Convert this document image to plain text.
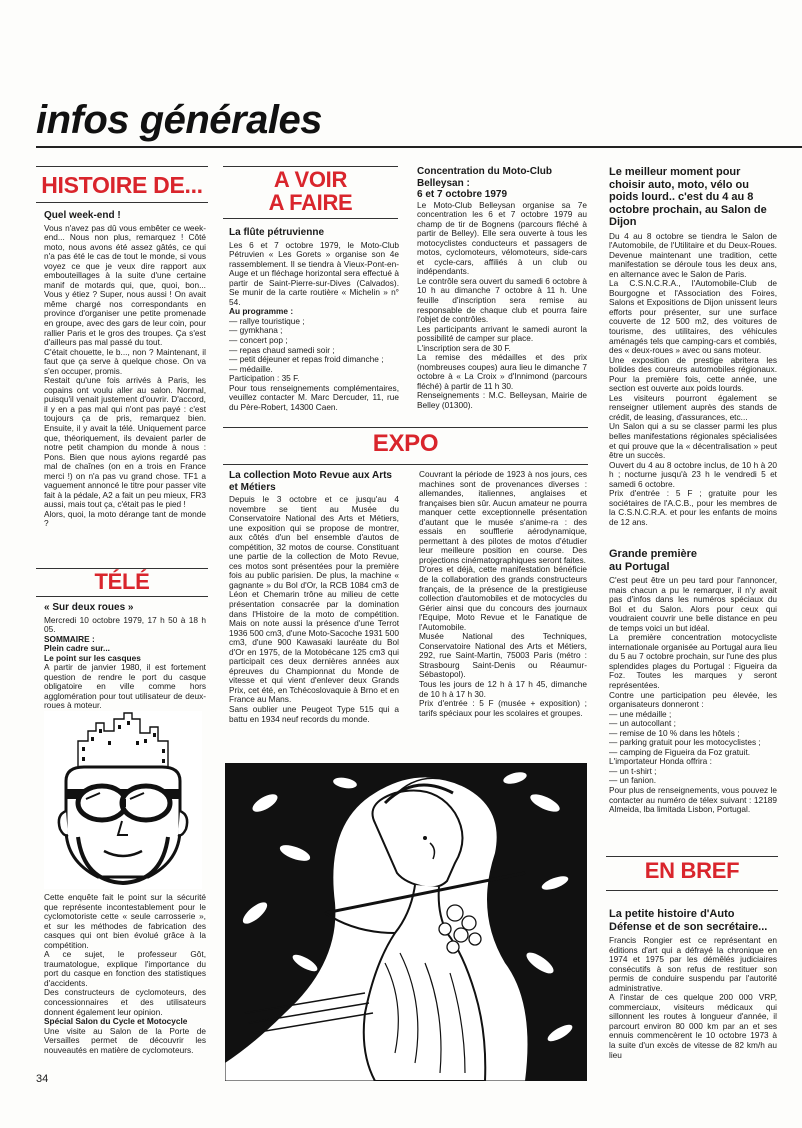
infos générales
HISTOIRE DE...

Quel week-end !

Vous n'avez pas dû vous embêter ce week-end... Nous non plus, remarquez ! Côté moto, nous avons été assez gâtés, ce qui n'a pas été le cas de tout le monde, si vous voyez ce que je veux dire rapport aux embouteillages à la suite d'une certaine manif de motards qui, que, quoi, bon... Vous y étiez ? Super, nous aussi ! On avait même chargé nos correspondants en province d'organiser une petite promenade en groupe, avec des gars de leur coin, pour rallier Paris et le gros des troupes. Ça s'est d'ailleurs pas mal passé du tout.

C'était chouette, le b..., non ? Maintenant, il faut que ça serve à quelque chose. On va s'en occuper, promis.

Restait qu'une fois arrivés à Paris, les copains ont voulu aller au salon. Normal, puisqu'il venait justement d'ouvrir. D'accord, il y en a pas mal qui n'ont pas payé : c'est toujours ça de pris, remarquez bien. Ensuite, il y avait la télé. Uniquement parce que, théoriquement, ils devaient parler de notre petit champion du monde à nous : Pons. Bien que nous ayions regardé pas mal de chaînes (on en a trois en France merci !) on n'a pas vu grand chose. TF1 a vaguement annoncé le titre pour passer vite fait à la pédale, A2 a fait un peu mieux, FR3 aussi, mais tout ça, c'était pas le pied !

Alors, quoi, la moto dérange tant de monde ?

TÉLÉ

« Sur deux roues »

Mercredi 10 octobre 1979, 17 h 50 à 18 h 05.

SOMMAIRE :

Plein cadre sur...

Le point sur les casques

A partir de janvier 1980, il est fortement question de rendre le port du casque obligatoire en ville comme hors agglomération pour tout utilisateur de deux-roues à moteur.

Cette enquête fait le point sur la sécurité que représente incontestablement pour le cyclomotoriste cette « seule carrosserie », et sur les méthodes de fabrication des casques qui ont bien évolué grâce à la compétition.

A ce sujet, le professeur Gôt, traumatologue, explique l'importance du port du casque en fonction des statistiques d'accidents.

Des constructeurs de cyclomoteurs, des concessionnaires et des utilisateurs donnent également leur opinion.

Spécial Salon du Cycle et Motocycle

Une visite au Salon de la Porte de Versailles permet de découvrir les nouveautés en matière de cyclomoteurs.

34
A VOIR
A FAIRE

La flûte pétruvienne

Les 6 et 7 octobre 1979, le Moto-Club Pétruvien « Les Gorets » organise son 4e rassemblement. Il se tiendra à Vieux-Pont-en-Auge et un fléchage horizontal sera effectué à partir de Saint-Pierre-sur-Dives (Calvados). Se munir de la carte routière « Michelin » n° 54.

Au programme :

— rallye touristique ;

— gymkhana ;

— concert pop ;

— repas chaud samedi soir ;

— petit déjeuner et repas froid dimanche ;

— médaille.

Participation : 35 F.

Pour tous renseignements complémentaires, veuillez contacter M. Marc Dercuder, 11, rue du Père-Robert, 14300 Caen.

Concentration du Moto-Club Belleysan :
6 et 7 octobre 1979

Le Moto-Club Belleysan organise sa 7e concentration les 6 et 7 octobre 1979 au champ de tir de Bognens (parcours fléché à partir de Belley). Elle sera ouverte à tous les motocyclistes conducteurs et passagers de motos, cyclomoteurs, vélomoteurs, side-cars et cycle-cars, affiliés à un club ou indépendants.

Le contrôle sera ouvert du samedi 6 octobre à 10 h au dimanche 7 octobre à 11 h. Une feuille d'inscription sera remise au responsable de chaque club et pourra faire l'objet de contrôles.

Les participants arrivant le samedi auront la possibilité de camper sur place.

L'inscription sera de 30 F.

La remise des médailles et des prix (nombreuses coupes) aura lieu le dimanche 7 octobre à « La Croix » d'Innimond (parcours fléché) à partir de 11 h 30.

Renseignements : M.C. Belleysan, Mairie de Belley (01300).

EXPO

La collection Moto Revue aux Arts et Métiers

Depuis le 3 octobre et ce jusqu'au 4 novembre se tient au Musée du Conservatoire National des Arts et Métiers, une exposition qui se propose de montrer, aux côtés d'un bel ensemble d'autos de compétition, 32 motos de course. Constituant une partie de la collection de Moto Revue, ces motos sont présentées pour la première fois au public parisien. De plus, la machine « gagnante » du Bol d'Or, la RCB 1084 cm3 de Léon et Chemarin trône au milieu de cette présentation consacrée par la domination dans l'Histoire de la moto de compétition. Mais on note aussi la présence d'une Terrot 1936 500 cm3, d'une Moto-Sacoche 1931 500 cm3, d'une 900 Kawasaki lauréate du Bol d'Or en 1975, de la Motobécane 125 cm3 qui participait ces deux dernières années aux épreuves du Championnat du Monde de vitesse et qui vient d'enlever deux Grands Prix, cet été, en Tchécoslovaquie à Brno et en France au Mans.

Sans oublier une Peugeot Type 515 qui a battu en 1934 neuf records du monde.

Couvrant la période de 1923 à nos jours, ces machines sont de provenances diverses : allemandes, italiennes, anglaises et françaises bien sûr. Aucun amateur ne pourra manquer cette exceptionnelle présentation d'autant que le musée s'anime-ra : des essais en soufflerie aérodynamique, permettant à des pilotes de motos d'étudier leur meilleure position en course. Des projections cinématographiques seront faites.

D'ores et déjà, cette manifestation bénéficie de la collaboration des grands constructeurs français, de la présence de la prestigieuse collection d'automobiles et de motocycles du Gérier ainsi que du concours des journaux l'Equipe, Moto Revue et le Fanatique de l'Automobile.

Musée National des Techniques, Conservatoire National des Arts et Métiers, 292, rue Saint-Martin, 75003 Paris (métro : Strasbourg Saint-Denis ou Réaumur-Sébastopol).

Tous les jours de 12 h à 17 h 45, dimanche de 10 h à 17 h 30.

Prix d'entrée : 5 F (musée + exposition) ; tarifs spéciaux pour les scolaires et groupes.

Le meilleur moment pour choisir auto, moto, vélo ou poids lourd.. c'est du 4 au 8 octobre prochain, au Salon de Dijon

Du 4 au 8 octobre se tiendra le Salon de l'Automobile, de l'Utilitaire et du Deux-Roues. Devenue maintenant une tradition, cette manifestation se déroule tous les deux ans, en alternance avec le Salon de Paris.

La C.S.N.C.R.A., l'Automobile-Club de Bourgogne et l'Association des Foires, Salons et Expositions de Dijon unissent leurs efforts pour présenter, sur une surface couverte de 12 500 m2, des voitures de tourisme, des utilitaires, des véhicules aménagés tels que camping-cars et combiés, des « deux-roues » avec ou sans moteur.

Une exposition de prestige abritera les bolides des coureurs automobiles régionaux. Pour la première fois, cette année, une section est ouverte aux poids lourds.

Les visiteurs pourront également se renseigner utilement auprès des stands de crédit, de leasing, d'assurances, etc...

Un Salon qui a su se classer parmi les plus belles manifestations régionales spécialisées et qui prouve que la « décentralisation » peut être un succès.

Ouvert du 4 au 8 octobre inclus, de 10 h à 20 h ; nocturne jusqu'à 23 h le vendredi 5 et samedi 6 octobre.

Prix d'entrée : 5 F ; gratuite pour les sociétaires de l'A.C.B., pour les membres de la C.S.N.C.R.A. et pour les enfants de moins de 12 ans.

Grande première
au Portugal

C'est peut être un peu tard pour l'annoncer, mais chacun a pu le remarquer, il n'y avait pas d'infos dans les numéros spéciaux du Bol et du Salon. Alors pour ceux qui voudraient couvrir une belle distance en peu de temps voici un but idéal.

La première concentration motocycliste internationale organisée au Portugal aura lieu du 5 au 7 octobre prochain, sur l'une des plus splendides plages du Portugal : Figueira da Foz. Toutes les marques y seront représentées.

Contre une participation peu élevée, les organisateurs donneront :

— une médaille ;

— un autocollant ;

— remise de 10 % dans les hôtels ;

— parking gratuit pour les motocyclistes ;

— camping de Figueira da Foz gratuit.

L'importateur Honda offrira :

— un t-shirt ;

— un fanion.

Pour plus de renseignements, vous pouvez le contacter au numéro de télex suivant : 12189 Almeida, lba limitada Lisbon, Portugal.

EN BREF

La petite histoire d'Auto Défense et de son secrétaire...

Francis Rongier est ce représentant en éditions d'art qui a défrayé la chronique en 1974 et 1975 par les démêlés judiciaires consécutifs à son refus de restituer son permis de conduire suspendu par l'autorité administrative.

A l'instar de ces quelque 200 000 VRP, commerciaux, visiteurs médicaux qui sillonnent les routes à longueur d'année, il parcourt environ 80 000 km par an et ses ennuis commencèrent le 10 octobre 1973 à la suite d'un excès de vitesse de 82 km/h au lieu
